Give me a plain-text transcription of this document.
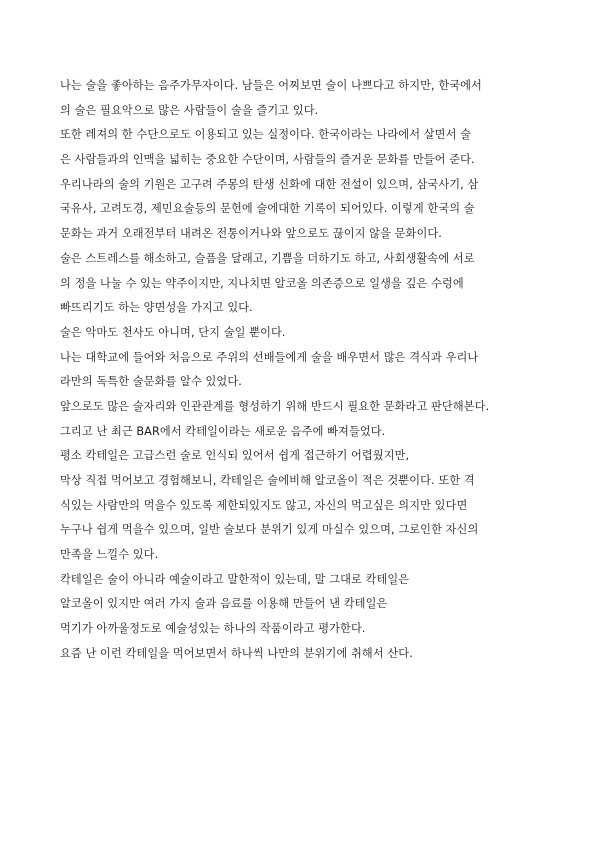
나는 술을 좋아하는 음주가무자이다. 남들은 어찌보면 술이 나쁘다고 하지만, 한국에서
의 술은 필요악으로 많은 사람들이 술을 즐기고 있다.
또한 레져의 한 수단으로도 이용되고 있는 실정이다. 한국이라는 나라에서 살면서 술
은 사람들과의 인맥을 넓히는 중요한 수단이며, 사람들의 즐거운 문화를 만들어 준다.
우리나라의 술의 기원은 고구려 주몽의 탄생 신화에 대한 전설이 있으며, 삼국사기, 삼
국유사, 고려도경, 제민요술등의 문헌에 술에대한 기록이 되어있다. 이렇게 한국의 술
문화는 과거 오래전부터 내려온 전통이거나와 앞으로도 끊이지 않을 문화이다.
술은 스트레스를 해소하고, 슬픔을 달래고, 기쁨을 더하기도 하고, 사회생활속에 서로
의 정을 나눌 수 있는 약주이지만, 지나치면 알코올 의존증으로 일생을 깊은 수렁에
빠뜨리기도 하는 양면성을 가지고 있다.
술은 악마도 천사도 아니며, 단지 술일 뿐이다.
나는 대학교에 들어와 처음으로 주위의 선배들에게 술을 배우면서 많은 격식과 우리나
라만의 독특한 술문화를 알수 있었다.
앞으로도 많은 술자리와 인관관계를 형성하기 위해 반드시 필요한 문화라고 판단해본다.
그리고 난 최근 BAR에서 칵테일이라는 새로운 음주에 빠져들었다.
평소 칵테일은 고급스런 술로 인식되 있어서 쉽게 접근하기 어렵웠지만,
막상 직접 먹어보고 경험해보니, 칵테일은 술에비해 알코올이 적은 것뿐이다. 또한 격
식있는 사람만의 먹을수 있도록 제한되있지도 않고, 자신의 먹고싶은 의지만 있다면
누구나 쉽게 먹을수 있으며, 일반 술보다 분위기 있게 마실수 있으며, 그로인한 자신의
만족을 느낄수 있다.
칵테일은 술이 아니라 예술이라고 말한적이 있는데, 말 그대로 칵테일은
알코올이 있지만 여러 가지 술과 음료를 이용해 만들어 낸 칵테일은
먹기가 아까울정도로 예술성있는 하나의 작품이라고 평가한다.
요즘 난 이런 칵테일을 먹어보면서 하나씩 나만의 분위기에 취해서 산다.
